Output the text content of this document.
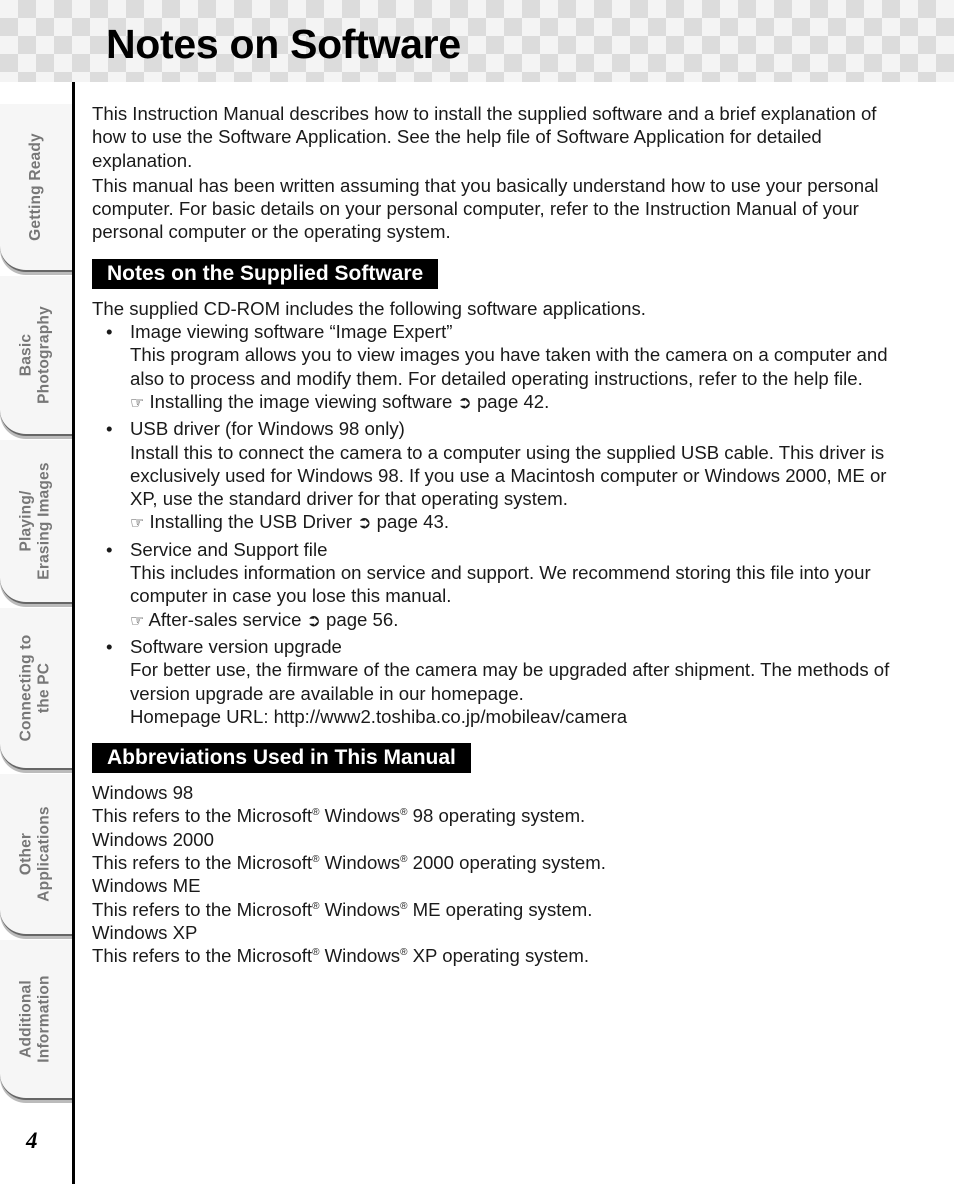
Notes on Software
Getting Ready
Basic
Photography
Playing/
Erasing Images
Connecting to
the PC
Other
Applications
Additional
Information
4

This Instruction Manual describes how to install the supplied software and a brief explanation of how to use the Software Application. See the help file of Software Application for detailed explanation.

This manual has been written assuming that you basically understand how to use your personal computer. For basic details on your personal computer, refer to the Instruction Manual of your personal computer or the operating system.

Notes on the Supplied Software

The supplied CD-ROM includes the following software applications.

• Image viewing software “Image Expert”
This program allows you to view images you have taken with the camera on a computer and also to process and modify them. For detailed operating instructions, refer to the help file.
☞ Installing the image viewing software ➲ page 42.
• USB driver (for Windows 98 only)
Install this to connect the camera to a computer using the supplied USB cable. This driver is exclusively used for Windows 98. If you use a Macintosh computer or Windows 2000, ME or XP, use the standard driver for that operating system.
☞ Installing the USB Driver ➲ page 43.
• Service and Support file
This includes information on service and support. We recommend storing this file into your computer in case you lose this manual.
☞ After-sales service ➲ page 56.
• Software version upgrade
For better use, the firmware of the camera may be upgraded after shipment. The methods of version upgrade are available in our homepage.
Homepage URL: http://www2.toshiba.co.jp/mobileav/camera
Abbreviations Used in This Manual

Windows 98

This refers to the Microsoft® Windows® 98 operating system.

Windows 2000

This refers to the Microsoft® Windows® 2000 operating system.

Windows ME

This refers to the Microsoft® Windows® ME operating system.

Windows XP

This refers to the Microsoft® Windows® XP operating system.
